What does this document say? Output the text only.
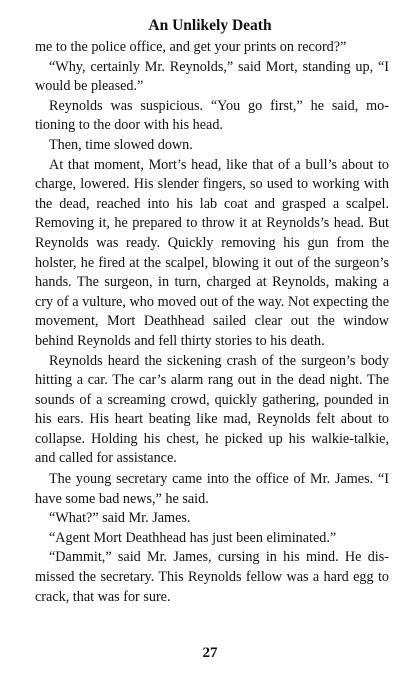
An Unlikely Death

me to the police office, and get your prints on record?”

“Why, certainly Mr. Reynolds,” said Mort, standing up, “I would be pleased.”

Reynolds was suspicious. “You go first,” he said, motioning to the door with his head.

Then, time slowed down.

At that moment, Mort’s head, like that of a bull’s about to charge, lowered. His slender fingers, so used to working with the dead, reached into his lab coat and grasped a scalpel. Removing it, he prepared to throw it at Reynolds’s head. But Reynolds was ready. Quickly removing his gun from the holster, he fired at the scalpel, blowing it out of the surgeon’s hands. The surgeon, in turn, charged at Reynolds, making a cry of a vulture, who moved out of the way. Not expecting the movement, Mort Deathhead sailed clear out the window behind Reynolds and fell thirty stories to his death.

Reynolds heard the sickening crash of the surgeon’s body hitting a car. The car’s alarm rang out in the dead night. The sounds of a screaming crowd, quickly gathering, pounded in his ears. His heart beating like mad, Reynolds felt about to collapse. Holding his chest, he picked up his walkie-talkie, and called for assistance.

The young secretary came into the office of Mr. James. “I have some bad news,” he said.

“What?” said Mr. James.

“Agent Mort Deathhead has just been eliminated.”

“Dammit,” said Mr. James, cursing in his mind. He dismissed the secretary. This Reynolds fellow was a hard egg to crack, that was for sure.

27
